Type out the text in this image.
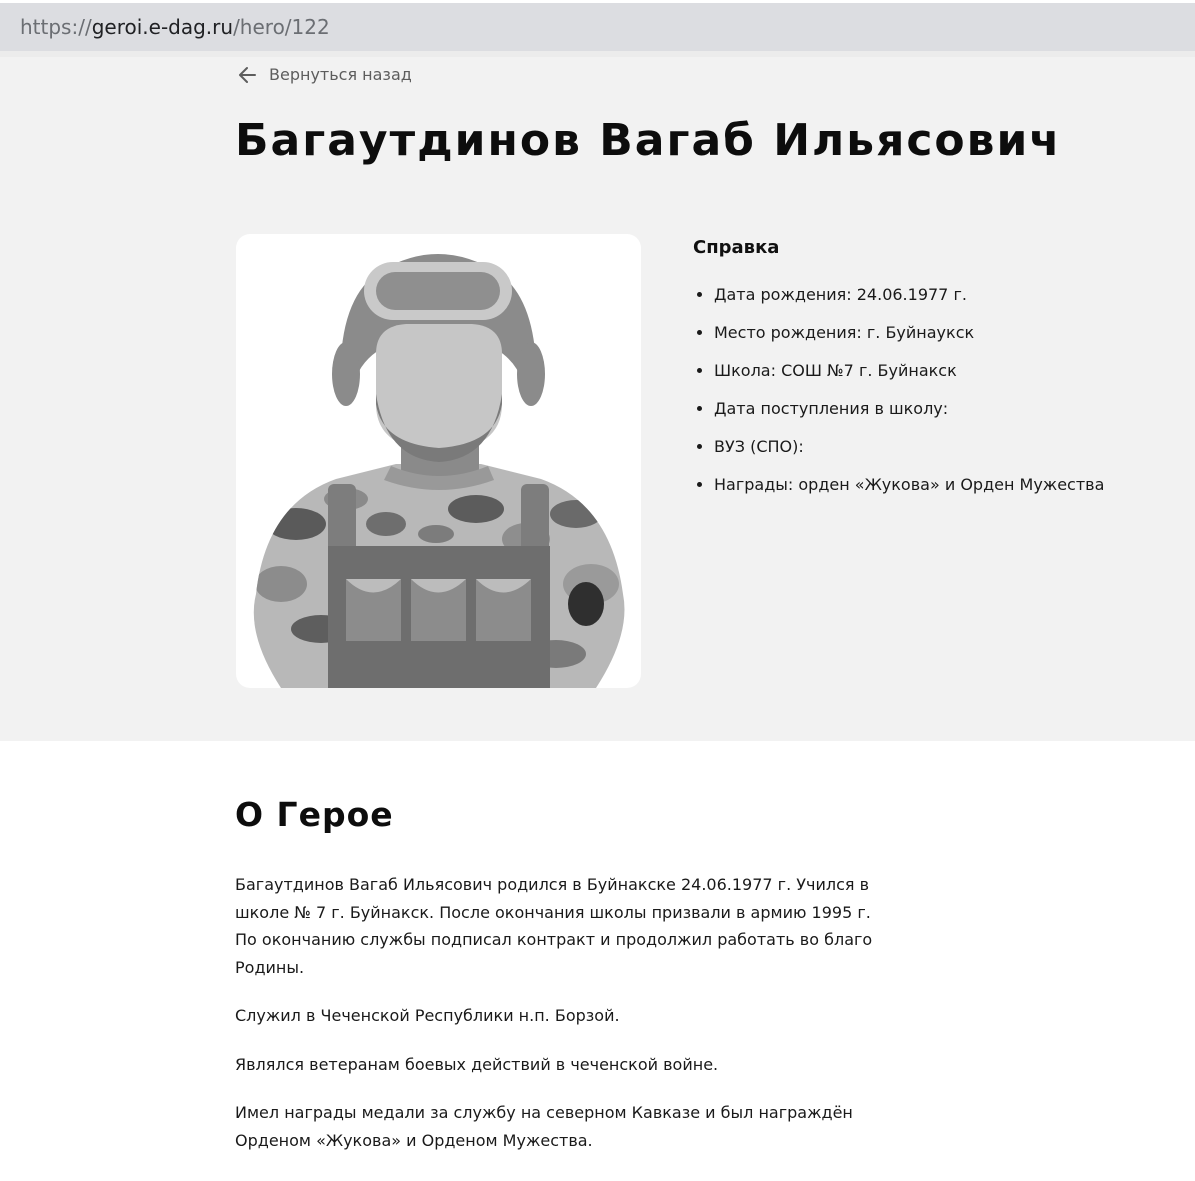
https://geroi.e-dag.ru/hero/122
Вернуться назад
Багаутдинов Вагаб Ильясович
Справка
• Дата рождения: 24.06.1977 г.
• Место рождения: г. Буйнаукск
• Школа: СОШ №7 г. Буйнакск
• Дата поступления в школу:
• ВУЗ (СПО):
• Награды: орден «Жукова» и Орден Мужества
О Герое

Багаутдинов Вагаб Ильясович родился в Буйнакске 24.06.1977 г. Учился в школе № 7 г. Буйнакск. После окончания школы призвали в армию 1995 г. По окончанию службы подписал контракт и продолжил работать во благо Родины.

Служил в Чеченской Республики н.п. Борзой.

Являлся ветеранам боевых действий в чеченской войне.

Имел награды медали за службу на северном Кавказе и был награждён Орденом «Жукова» и Орденом Мужества.
